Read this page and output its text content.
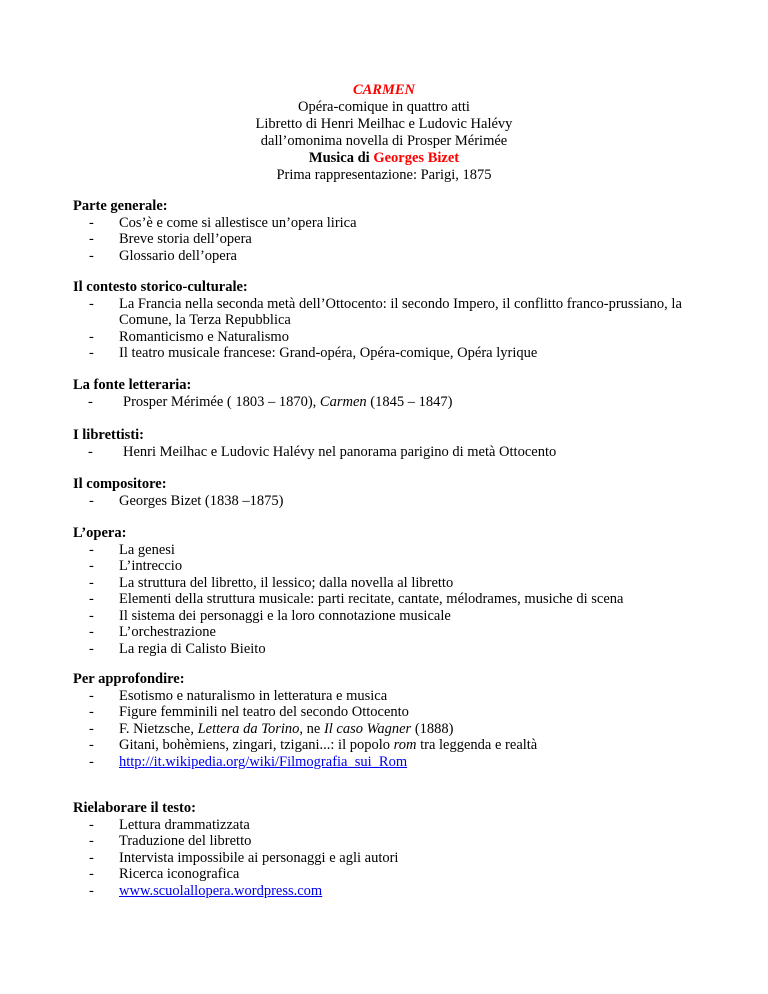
CARMEN
Opéra-comique in quattro atti
Libretto di Henri Meilhac e Ludovic Halévy
dall’omonima novella di Prosper Mérimée
Musica di Georges Bizet
Prima rappresentazione: Parigi, 1875
Parte generale:
- Cos’è e come si allestisce un’opera lirica
- Breve storia dell’opera
- Glossario dell’opera
Il contesto storico-culturale:
- La Francia nella seconda metà dell’Ottocento: il secondo Impero, il conflitto franco-prussiano, la Comune, la Terza Repubblica
- Romanticismo e Naturalismo
- Il teatro musicale francese: Grand-opéra, Opéra-comique, Opéra lyrique
La fonte letteraria:
- Prosper Mérimée ( 1803 – 1870), Carmen (1845 – 1847)
I librettisti:
- Henri Meilhac e Ludovic Halévy nel panorama parigino di metà Ottocento
Il compositore:
- Georges Bizet (1838 –1875)
L’opera:
- La genesi
- L’intreccio
- La struttura del libretto, il lessico; dalla novella al libretto
- Elementi della struttura musicale: parti recitate, cantate, mélodrames, musiche di scena
- Il sistema dei personaggi e la loro connotazione musicale
- L’orchestrazione
- La regia di Calisto Bieito
Per approfondire:
- Esotismo e naturalismo in letteratura e musica
- Figure femminili nel teatro del secondo Ottocento
- F. Nietzsche, Lettera da Torino, ne Il caso Wagner (1888)
- Gitani, bohèmiens, zingari, tzigani...: il popolo rom tra leggenda e realtà
- http://it.wikipedia.org/wiki/Filmografia_sui_Rom
Rielaborare il testo:
- Lettura drammatizzata
- Traduzione del libretto
- Intervista impossibile ai personaggi e agli autori
- Ricerca iconografica
- www.scuolallopera.wordpress.com
